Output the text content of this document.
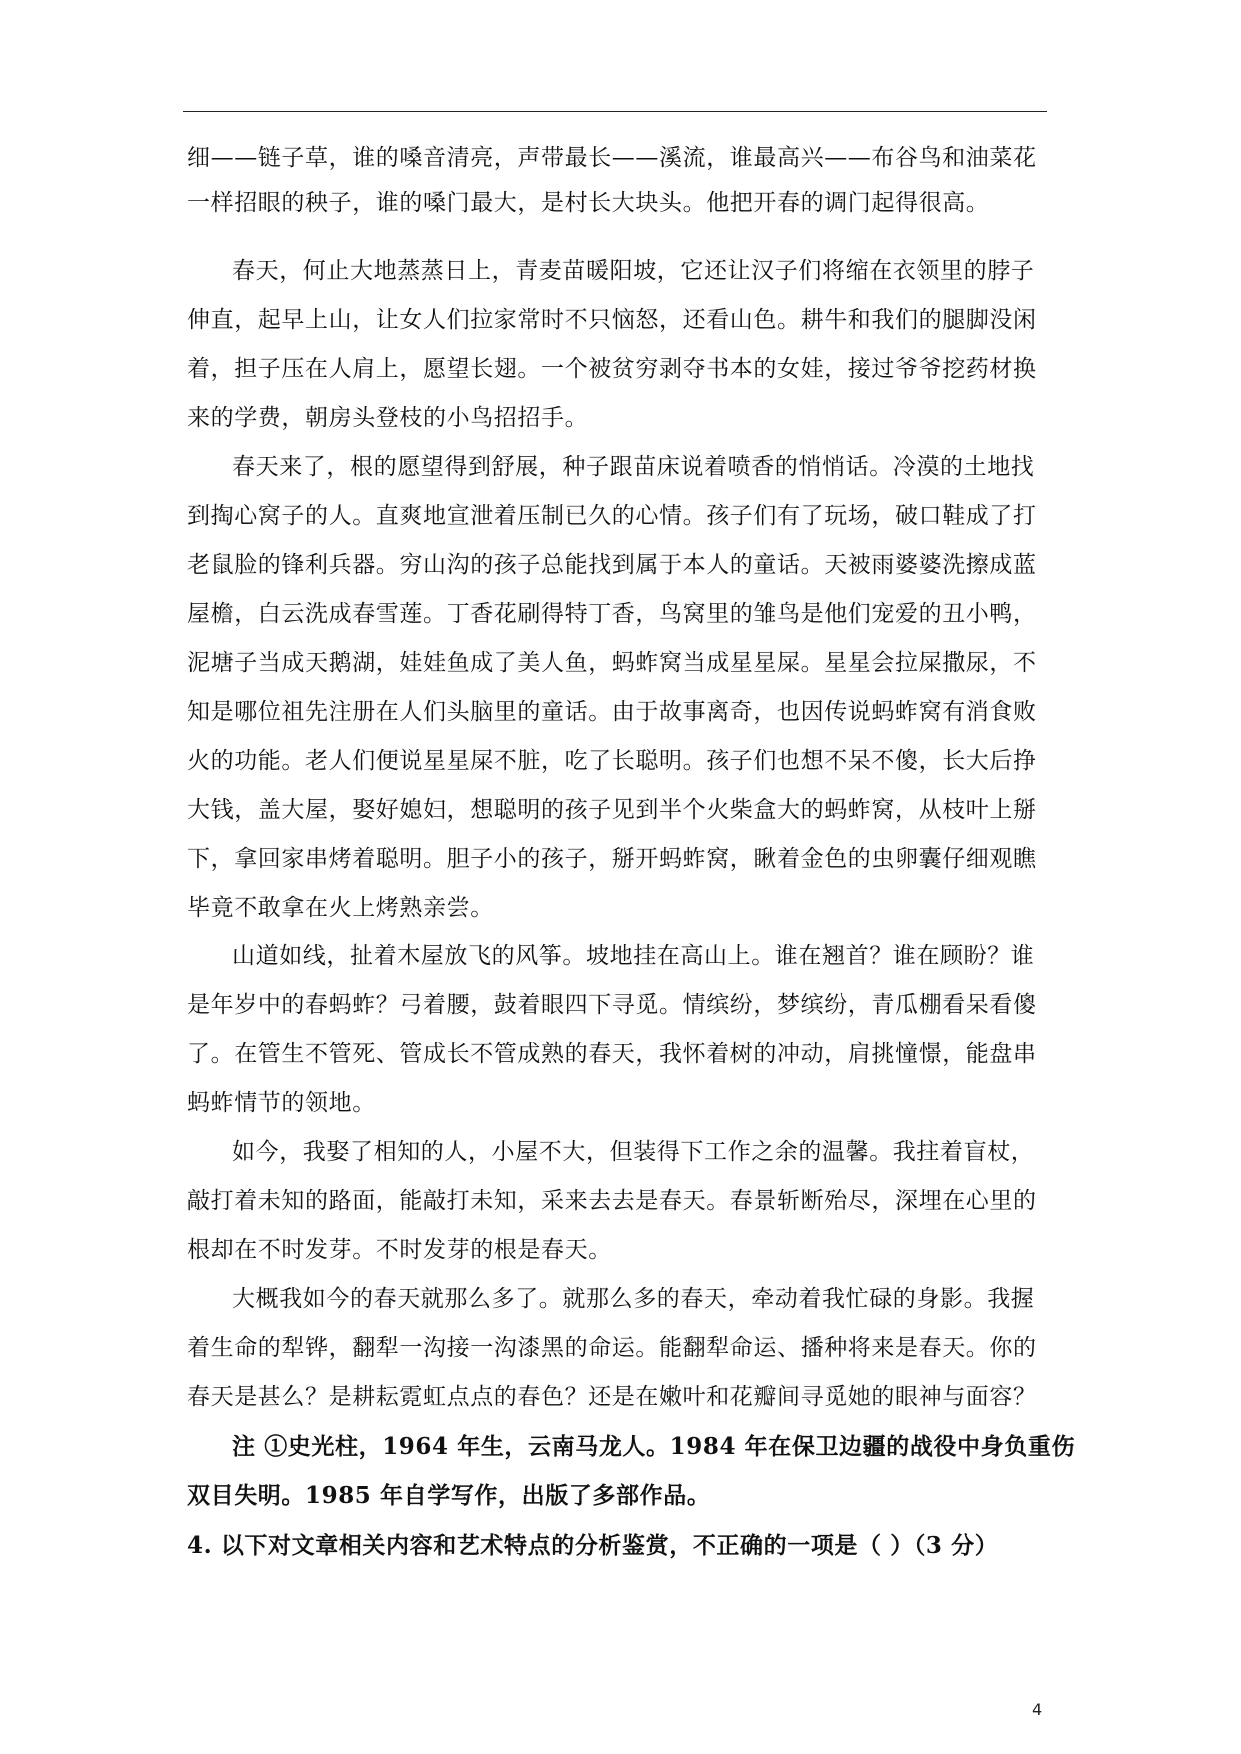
细——链子草，谁的嗓音清亮，声带最长——溪流，谁最高兴——布谷鸟和油菜花
一样招眼的秧子，谁的嗓门最大，是村长大块头。他把开春的调门起得很高。
春天，何止大地蒸蒸日上，青麦苗暖阳坡，它还让汉子们将缩在衣领里的脖子
伸直，起早上山，让女人们拉家常时不只恼怒，还看山色。耕牛和我们的腿脚没闲
着，担子压在人肩上，愿望长翅。一个被贫穷剥夺书本的女娃，接过爷爷挖药材换
来的学费，朝房头登枝的小鸟招招手。
春天来了，根的愿望得到舒展，种子跟苗床说着喷香的悄悄话。冷漠的土地找
到掏心窝子的人。直爽地宣泄着压制已久的心情。孩子们有了玩场，破口鞋成了打
老鼠脸的锋利兵器。穷山沟的孩子总能找到属于本人的童话。天被雨婆婆洗擦成蓝
屋檐，白云洗成春雪莲。丁香花刷得特丁香，鸟窝里的雏鸟是他们宠爱的丑小鸭，
泥塘子当成天鹅湖，娃娃鱼成了美人鱼，蚂蚱窝当成星星屎。星星会拉屎撒尿，不
知是哪位祖先注册在人们头脑里的童话。由于故事离奇，也因传说蚂蚱窝有消食败
火的功能。老人们便说星星屎不脏，吃了长聪明。孩子们也想不呆不傻，长大后挣
大钱，盖大屋，娶好媳妇，想聪明的孩子见到半个火柴盒大的蚂蚱窝，从枝叶上掰
下，拿回家串烤着聪明。胆子小的孩子，掰开蚂蚱窝，瞅着金色的虫卵囊仔细观瞧
毕竟不敢拿在火上烤熟亲尝。
山道如线，扯着木屋放飞的风筝。坡地挂在高山上。谁在翘首？谁在顾盼？谁
是年岁中的春蚂蚱？弓着腰，鼓着眼四下寻觅。情缤纷，梦缤纷，青瓜棚看呆看傻
了。在管生不管死、管成长不管成熟的春天，我怀着树的冲动，肩挑憧憬，能盘串
蚂蚱情节的领地。
如今，我娶了相知的人，小屋不大，但装得下工作之余的温馨。我拄着盲杖，
敲打着未知的路面，能敲打未知，采来去去是春天。春景斩断殆尽，深埋在心里的
根却在不时发芽。不时发芽的根是春天。
大概我如今的春天就那么多了。就那么多的春天，牵动着我忙碌的身影。我握
着生命的犁铧，翻犁一沟接一沟漆黑的命运。能翻犁命运、播种将来是春天。你的
春天是甚么？是耕耘霓虹点点的春色？还是在嫩叶和花瓣间寻觅她的眼神与面容？
注 ①史光柱，1964 年生，云南马龙人。1984 年在保卫边疆的战役中身负重伤
双目失明。1985 年自学写作，出版了多部作品。
4. 以下对文章相关内容和艺术特点的分析鉴赏，不正确的一项是（ ）（3 分）
4
